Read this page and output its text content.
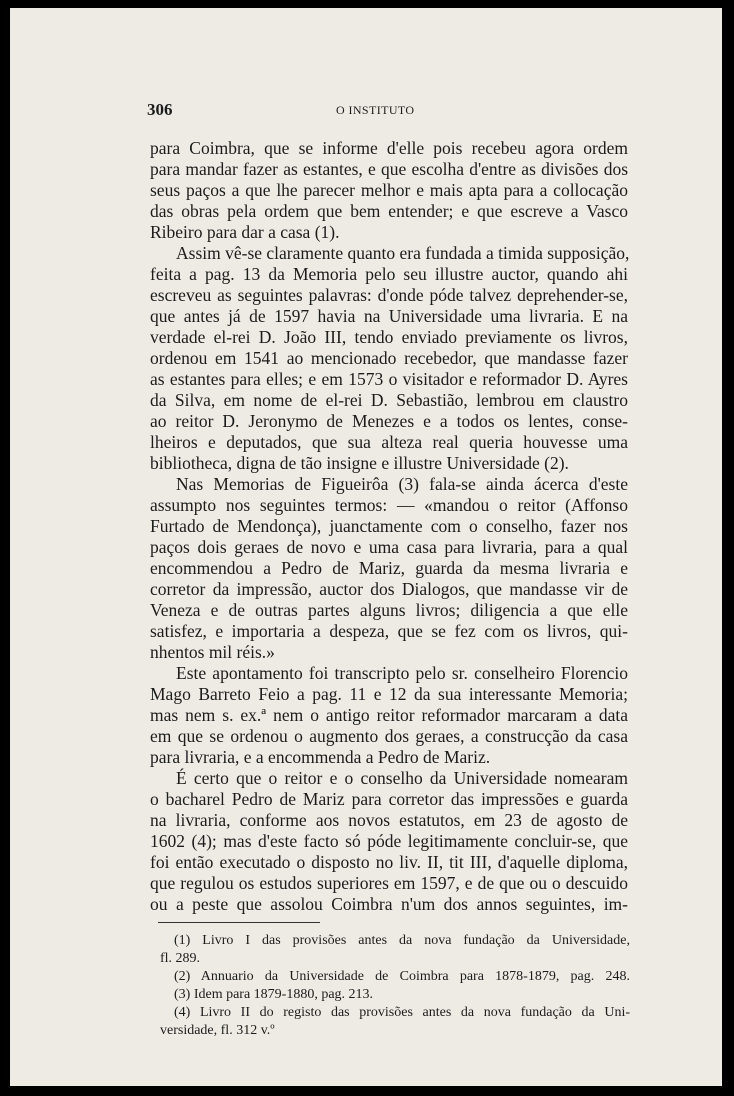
306	O INSTITUTO
para Coimbra, que se informe d'elle pois recebeu agora ordem
para mandar fazer as estantes, e que escolha d'entre as divisões dos
seus paços a que lhe parecer melhor e mais apta para a collocação
das obras pela ordem que bem entender; e que escreve a Vasco
Ribeiro para dar a casa (1).
Assim vê-se claramente quanto era fundada a timida supposição,
feita a pag. 13 da Memoria pelo seu illustre auctor, quando ahi
escreveu as seguintes palavras: d'onde póde talvez deprehender-se,
que antes já de 1597 havia na Universidade uma livraria. E na
verdade el-rei D. João III, tendo enviado previamente os livros,
ordenou em 1541 ao mencionado recebedor, que mandasse fazer
as estantes para elles; e em 1573 o visitador e reformador D. Ayres
da Silva, em nome de el-rei D. Sebastião, lembrou em claustro
ao reitor D. Jeronymo de Menezes e a todos os lentes, conse-
lheiros e deputados, que sua alteza real queria houvesse uma
bibliotheca, digna de tão insigne e illustre Universidade (2).
Nas Memorias de Figueirôa (3) fala-se ainda ácerca d'este
assumpto nos seguintes termos: — «mandou o reitor (Affonso
Furtado de Mendonça), juanctamente com o conselho, fazer nos
paços dois geraes de novo e uma casa para livraria, para a qual
encommendou a Pedro de Mariz, guarda da mesma livraria e
corretor da impressão, auctor dos Dialogos, que mandasse vir de
Veneza e de outras partes alguns livros; diligencia a que elle
satisfez, e importaria a despeza, que se fez com os livros, qui-
nhentos mil réis.»
Este apontamento foi transcripto pelo sr. conselheiro Florencio
Mago Barreto Feio a pag. 11 e 12 da sua interessante Memoria;
mas nem s. ex.ª nem o antigo reitor reformador marcaram a data
em que se ordenou o augmento dos geraes, a construcção da casa
para livraria, e a encommenda a Pedro de Mariz.
É certo que o reitor e o conselho da Universidade nomearam
o bacharel Pedro de Mariz para corretor das impressões e guarda
na livraria, conforme aos novos estatutos, em 23 de agosto de
1602 (4); mas d'este facto só póde legitimamente concluir-se, que
foi então executado o disposto no liv. II, tit III, d'aquelle diploma,
que regulou os estudos superiores em 1597, e de que ou o descuido
ou a peste que assolou Coimbra n'um dos annos seguintes, im-
(1) Livro I das provisões antes da nova fundação da Universidade,
fl. 289.
(2) Annuario da Universidade de Coimbra para 1878-1879, pag. 248.
(3) Idem para 1879-1880, pag. 213.
(4) Livro II do registo das provisões antes da nova fundação da Uni-
versidade, fl. 312 v.º
